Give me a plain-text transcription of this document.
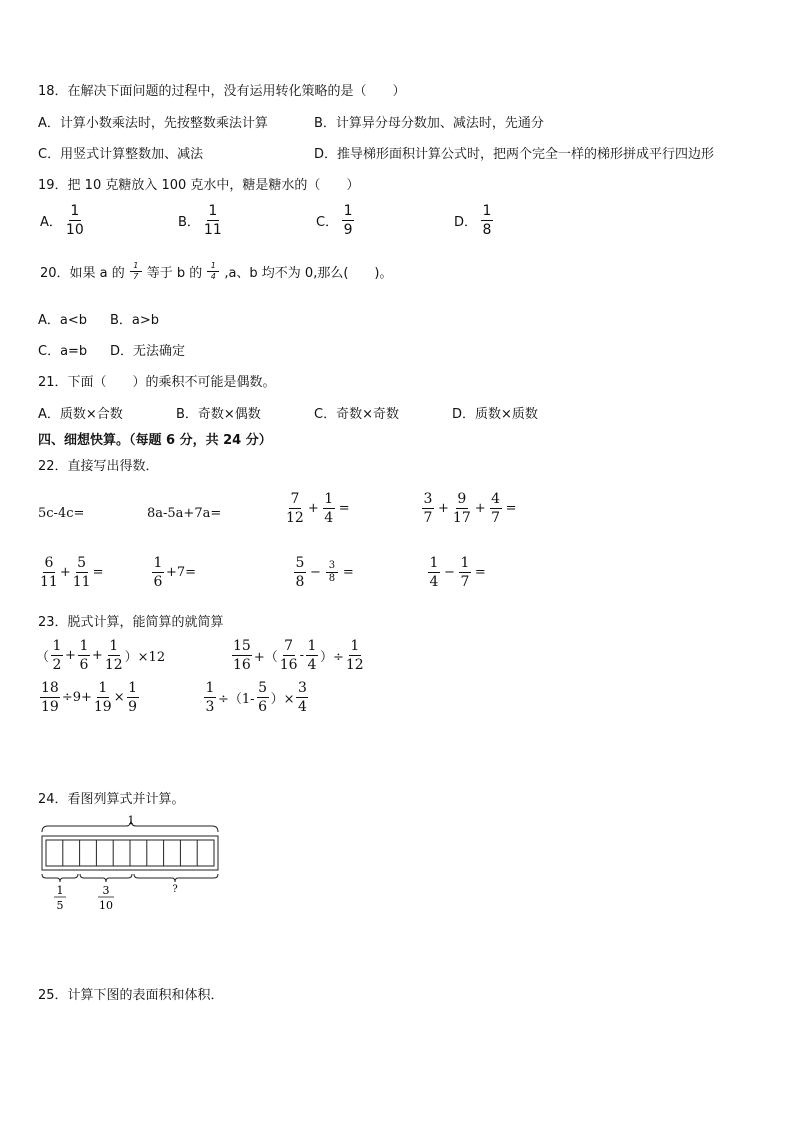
18．在解决下面问题的过程中，没有运用转化策略的是（　　）
A．计算小数乘法时，先按整数乘法计算	B．计算异分母分数加、减法时，先通分
C．用竖式计算整数加、减法	D．推导梯形面积计算公式时，把两个完全一样的梯形拼成平行四边形
19．把 10 克糖放入 100 克水中，糖是糖水的（　　）
A． $\frac{1}{10}$	B． $\frac{1}{11}$	C． $\frac{1}{9}$	D． $\frac{1}{8}$
20．如果 a 的 $\frac{1}{7}$ 等于 b 的 $\frac{1}{4} ,a$、b 均不为 0,那么(　　)。
A．a<b B．a>b
C．a=b D．无法确定
21．下面（　　）的乘积不可能是偶数。
A．质数×合数	B．奇数×偶数	C．奇数×奇数	D．质数×质数
四、细想快算。（每题 6 分，共 24 分）
22．直接写出得数．
5c-4c=	8a-5a+7a=	$\frac{7}{12} + \frac{1}{4}$ =	$\frac{3}{7} + \frac{9}{17} + \frac{4}{7}$ =
$\frac{6}{11} + \frac{5}{11}$ =	$\frac{1}{6} +7=$	$\frac{5}{8} - \frac{3}{8}$ =	$\frac{1}{4} - \frac{1}{7}$ =
23．脱式计算，能简算的就简算
（ $\frac{1}{2} + \frac{1}{6} + \frac{1}{12} )\times 12$	$\frac{15}{16}$ +（ $\frac{7}{16} - \frac{1}{4}$ ）÷ $\frac{1}{12}$
$\frac{18}{19} \div 9+ \frac{1}{19} \times \frac{1}{9}$	$\frac{1}{3} \div(1- \frac{5}{6}$ ）× $\frac{3}{4}$
24．看图列算式并计算。
1
1
5
3
10
?
25．计算下图的表面积和体积．
